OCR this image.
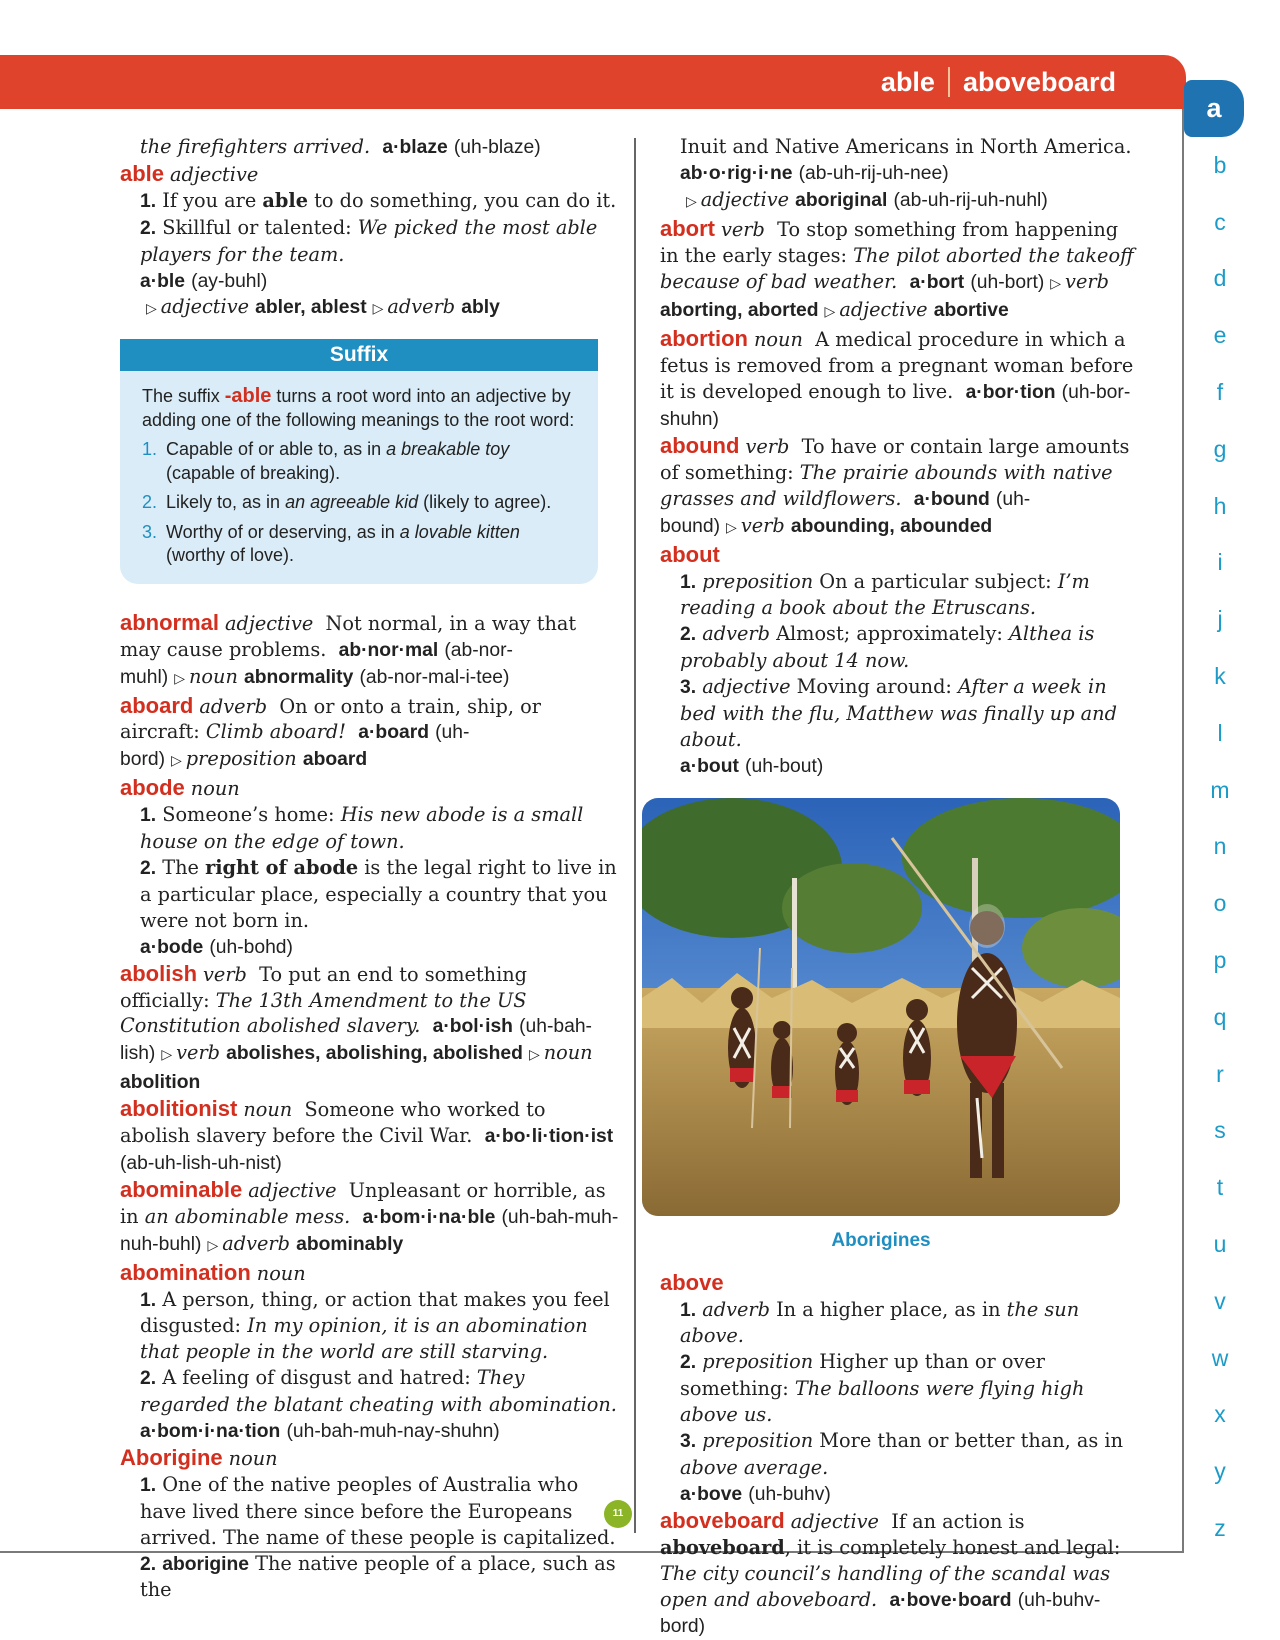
able aboveboard
a
b
c
d
e
f
g
h
i
j
k
l
m
n
o
p
q
r
s
t
u
v
w
x
y
z

the firefighters arrived. a·blaze (uh-blaze)

able adjective

1. If you are able to do something, you can do it.

2. Skillful or talented: We picked the most able players for the team.

a·ble (ay-buhl)

▷ adjective abler, ablest ▷ adverb ably

Suffix
The suffix -able turns a root word into an adjective by adding one of the following meanings to the root word:
1. Capable of or able to, as in a breakable toy (capable of breaking).
2. Likely to, as in an agreeable kid (likely to agree).
3. Worthy of or deserving, as in a lovable kitten (worthy of love).

abnormal adjective Not normal, in a way that may cause problems. ab·nor·mal (ab-nor-muhl) ▷ noun abnormality (ab-nor-mal-i-tee)

aboard adverb On or onto a train, ship, or aircraft: Climb aboard! a·board (uh-bord) ▷ preposition aboard

abode noun

1. Someone’s home: His new abode is a small house on the edge of town.

2. The right of abode is the legal right to live in a particular place, especially a country that you were not born in.

a·bode (uh-bohd)

abolish verb To put an end to something officially: The 13th Amendment to the US Constitution abolished slavery. a·bol·ish (uh-bah-lish) ▷ verb abolishes, abolishing, abolished ▷ noun abolition

abolitionist noun Someone who worked to abolish slavery before the Civil War. a·bo·li·tion·ist (ab-uh-lish-uh-nist)

abominable adjective Unpleasant or horrible, as in an abominable mess. a·bom·i·na·ble (uh-bah-muh-nuh-buhl) ▷ adverb abominably

abomination noun

1. A person, thing, or action that makes you feel disgusted: In my opinion, it is an abomination that people in the world are still starving.

2. A feeling of disgust and hatred: They regarded the blatant cheating with abomination.

a·bom·i·na·tion (uh-bah-muh-nay-shuhn)

Aborigine noun

1. One of the native peoples of Australia who have lived there since before the Europeans arrived. The name of these people is capitalized.

2. aborigine The native people of a place, such as the

Inuit and Native Americans in North America.

ab·o·rig·i·ne (ab-uh-rij-uh-nee)

▷ adjective aboriginal (ab-uh-rij-uh-nuhl)

abort verb To stop something from happening in the early stages: The pilot aborted the takeoff because of bad weather. a·bort (uh-bort) ▷ verb aborting, aborted ▷ adjective abortive

abortion noun A medical procedure in which a fetus is removed from a pregnant woman before it is developed enough to live. a·bor·tion (uh-bor-shuhn)

abound verb To have or contain large amounts of something: The prairie abounds with native grasses and wildflowers. a·bound (uh-bound) ▷ verb abounding, abounded

about

1. preposition On a particular subject: I’m reading a book about the Etruscans.

2. adverb Almost; approximately: Althea is probably about 14 now.

3. adjective Moving around: After a week in bed with the flu, Matthew was finally up and about.

a·bout (uh-bout)

Aborigines

above

1. adverb In a higher place, as in the sun above.

2. preposition Higher up than or over something: The balloons were flying high above us.

3. preposition More than or better than, as in above average.

a·bove (uh-buhv)

aboveboard adjective If an action is aboveboard, it is completely honest and legal: The city council’s handling of the scandal was open and aboveboard. a·bove·board (uh-buhv-bord)

11
